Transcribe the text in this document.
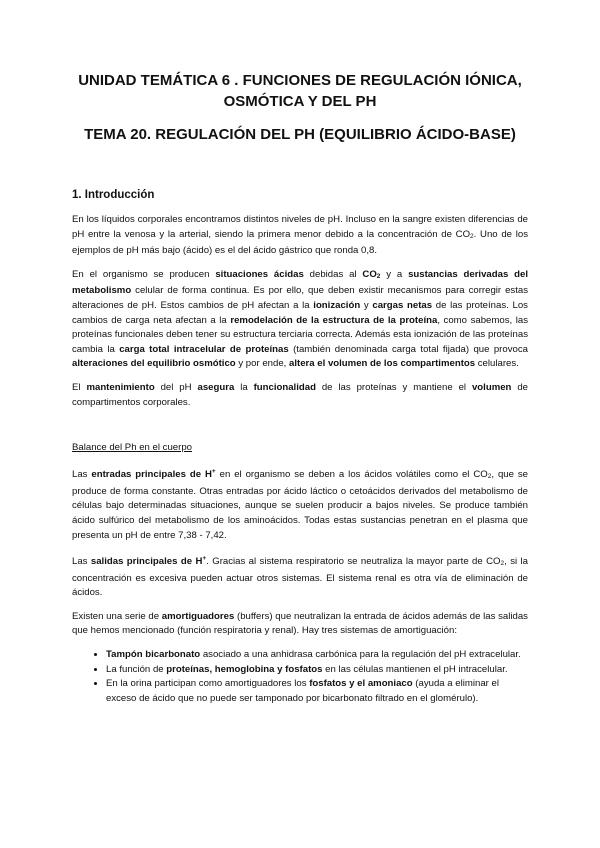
UNIDAD TEMÁTICA 6 . FUNCIONES DE REGULACIÓN IÓNICA,
OSMÓTICA Y DEL PH
TEMA 20. REGULACIÓN DEL PH (EQUILIBRIO ÁCIDO-BASE)
1. Introducción

En los líquidos corporales encontramos distintos niveles de pH. Incluso en la sangre existen diferencias de pH entre la venosa y la arterial, siendo la primera menor debido a la concentración de $CO_2$. Uno de los ejemplos de pH más bajo (ácido) es el del ácido gástrico que ronda 0,8.

En el organismo se producen situaciones ácidas debidas al $CO_2$ y a sustancias derivadas del metabolismo celular de forma continua. Es por ello, que deben existir mecanismos para corregir estas alteraciones de pH. Estos cambios de pH afectan a la ionización y cargas netas de las proteínas. Los cambios de carga neta afectan a la remodelación de la estructura de la proteína, como sabemos, las proteínas funcionales deben tener su estructura terciaria correcta. Además esta ionización de las proteínas cambia la carga total intracelular de proteínas (también denominada carga total fijada) que provoca alteraciones del equilibrio osmótico y por ende, altera el volumen de los compartimentos celulares.

El mantenimiento del pH asegura la funcionalidad de las proteínas y mantiene el volumen de compartimentos corporales.

Balance del Ph en el cuerpo

Las entradas principales de H+ en el organismo se deben a los ácidos volátiles como el $CO_2$, que se produce de forma constante. Otras entradas por ácido láctico o cetoácidos derivados del metabolismo de células bajo determinadas situaciones, aunque se suelen producir a bajos niveles. Se produce también ácido sulfúrico del metabolismo de los aminoácidos. Todas estas sustancias penetran en el plasma que presenta un pH de entre 7,38 - 7,42.

Las salidas principales de H+. Gracias al sistema respiratorio se neutraliza la mayor parte de $CO_2$, si la concentración es excesiva pueden actuar otros sistemas. El sistema renal es otra vía de eliminación de ácidos.

Existen una serie de amortiguadores (buffers) que neutralizan la entrada de ácidos además de las salidas que hemos mencionado (función respiratoria y renal). Hay tres sistemas de amortiguación:

• Tampón bicarbonato asociado a una anhidrasa carbónica para la regulación del pH extracelular.
• La función de proteínas, hemoglobina y fosfatos en las células mantienen el pH intracelular.
• En la orina participan como amortiguadores los fosfatos y el amoniaco (ayuda a eliminar el exceso de ácido que no puede ser tamponado por bicarbonato filtrado en el glomérulo).
